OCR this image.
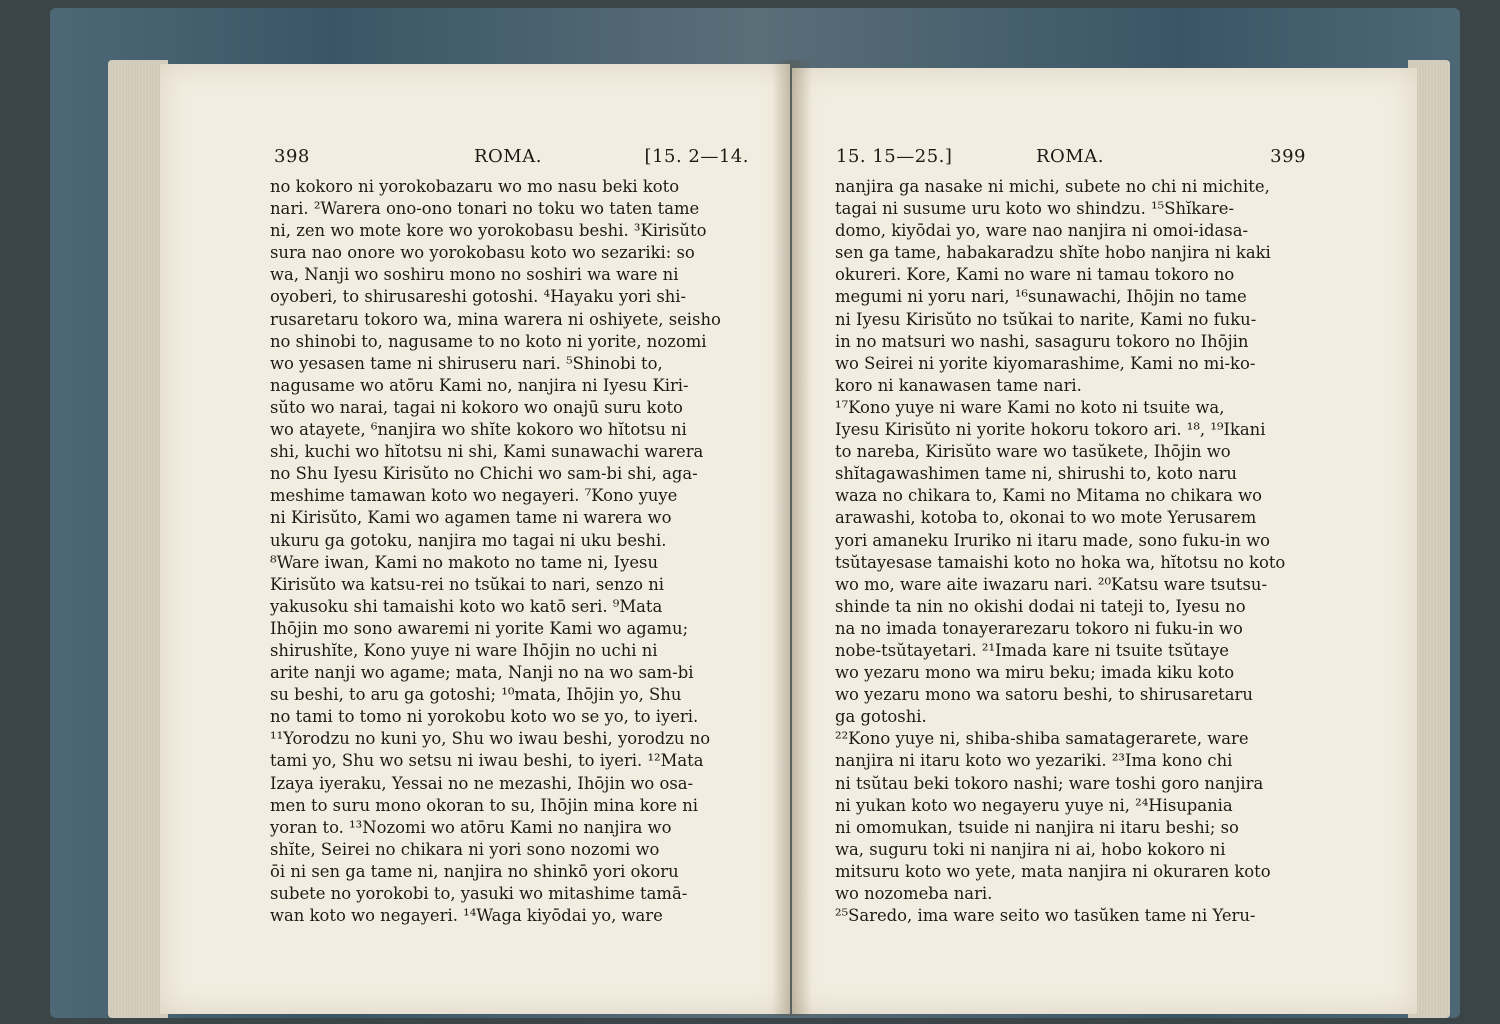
398	ROMA.	[15. 2—14.	15. 15—25.]	ROMA.	399
no kokoro ni yorokobazaru wo mo nasu beki koto
nari. ²Warera ono-ono tonari no toku wo taten tame
ni, zen wo mote kore wo yorokobasu beshi. ³Kirisŭto
sura nao onore wo yorokobasu koto wo sezariki: so
wa, Nanji wo soshiru mono no soshiri wa ware ni
oyoberi, to shirusareshi gotoshi. ⁴Hayaku yori shi-
rusaretaru tokoro wa, mina warera ni oshiyete, seisho
no shinobi to, nagusame to no koto ni yorite, nozomi
wo yesasen tame ni shiruseru nari. ⁵Shinobi to,
nagusame wo atōru Kami no, nanjira ni Iyesu Kiri-
sŭto wo narai, tagai ni kokoro wo onajū suru koto
wo atayete, ⁶nanjira wo shĭte kokoro wo hĭtotsu ni
shi, kuchi wo hĭtotsu ni shi, Kami sunawachi warera
no Shu Iyesu Kirisŭto no Chichi wo sam-bi shi, aga-
meshime tamawan koto wo negayeri. ⁷Kono yuye
ni Kirisŭto, Kami wo agamen tame ni warera wo
ukuru ga gotoku, nanjira mo tagai ni uku beshi.
⁸Ware iwan, Kami no makoto no tame ni, Iyesu
Kirisŭto wa katsu-rei no tsŭkai to nari, senzo ni
yakusoku shi tamaishi koto wo katō seri. ⁹Mata
Ihōjin mo sono awaremi ni yorite Kami wo agamu;
shirushĭte, Kono yuye ni ware Ihōjin no uchi ni
arite nanji wo agame; mata, Nanji no na wo sam-bi
su beshi, to aru ga gotoshi; ¹⁰mata, Ihōjin yo, Shu
no tami to tomo ni yorokobu koto wo se yo, to iyeri.
¹¹Yorodzu no kuni yo, Shu wo iwau beshi, yorodzu no
tami yo, Shu wo setsu ni iwau beshi, to iyeri. ¹²Mata
Izaya iyeraku, Yessai no ne mezashi, Ihōjin wo osa-
men to suru mono okoran to su, Ihōjin mina kore ni
yoran to. ¹³Nozomi wo atōru Kami no nanjira wo
shĭte, Seirei no chikara ni yori sono nozomi wo
ōi ni sen ga tame ni, nanjira no shinkō yori okoru
subete no yorokobi to, yasuki wo mitashime tamā-
wan koto wo negayeri. ¹⁴Waga kiyōdai yo, ware
nanjira ga nasake ni michi, subete no chi ni michite,
tagai ni susume uru koto wo shindzu. ¹⁵Shĭkare-
domo, kiyōdai yo, ware nao nanjira ni omoi-idasa-
sen ga tame, habakaradzu shĭte hobo nanjira ni kaki
okureri. Kore, Kami no ware ni tamau tokoro no
megumi ni yoru nari, ¹⁶sunawachi, Ihōjin no tame
ni Iyesu Kirisŭto no tsŭkai to narite, Kami no fuku-
in no matsuri wo nashi, sasaguru tokoro no Ihōjin
wo Seirei ni yorite kiyomarashime, Kami no mi-ko-
koro ni kanawasen tame nari.
¹⁷Kono yuye ni ware Kami no koto ni tsuite wa,
Iyesu Kirisŭto ni yorite hokoru tokoro ari. ¹⁸, ¹⁹Ikani
to nareba, Kirisŭto ware wo tasŭkete, Ihōjin wo
shĭtagawashimen tame ni, shirushi to, koto naru
waza no chikara to, Kami no Mitama no chikara wo
arawashi, kotoba to, okonai to wo mote Yerusarem
yori amaneku Iruriko ni itaru made, sono fuku-in wo
tsŭtayesase tamaishi koto no hoka wa, hĭtotsu no koto
wo mo, ware aite iwazaru nari. ²⁰Katsu ware tsutsu-
shinde ta nin no okishi dodai ni tateji to, Iyesu no
na no imada tonayerarezaru tokoro ni fuku-in wo
nobe-tsŭtayetari. ²¹Imada kare ni tsuite tsŭtaye
wo yezaru mono wa miru beku; imada kiku koto
wo yezaru mono wa satoru beshi, to shirusaretaru
ga gotoshi.
²²Kono yuye ni, shiba-shiba samatagerarete, ware
nanjira ni itaru koto wo yezariki. ²³Ima kono chi
ni tsŭtau beki tokoro nashi; ware toshi goro nanjira
ni yukan koto wo negayeru yuye ni, ²⁴Hisupania
ni omomukan, tsuide ni nanjira ni itaru beshi; so
wa, suguru toki ni nanjira ni ai, hobo kokoro ni
mitsuru koto wo yete, mata nanjira ni okuraren koto
wo nozomeba nari.
²⁵Saredo, ima ware seito wo tasŭken tame ni Yeru-
